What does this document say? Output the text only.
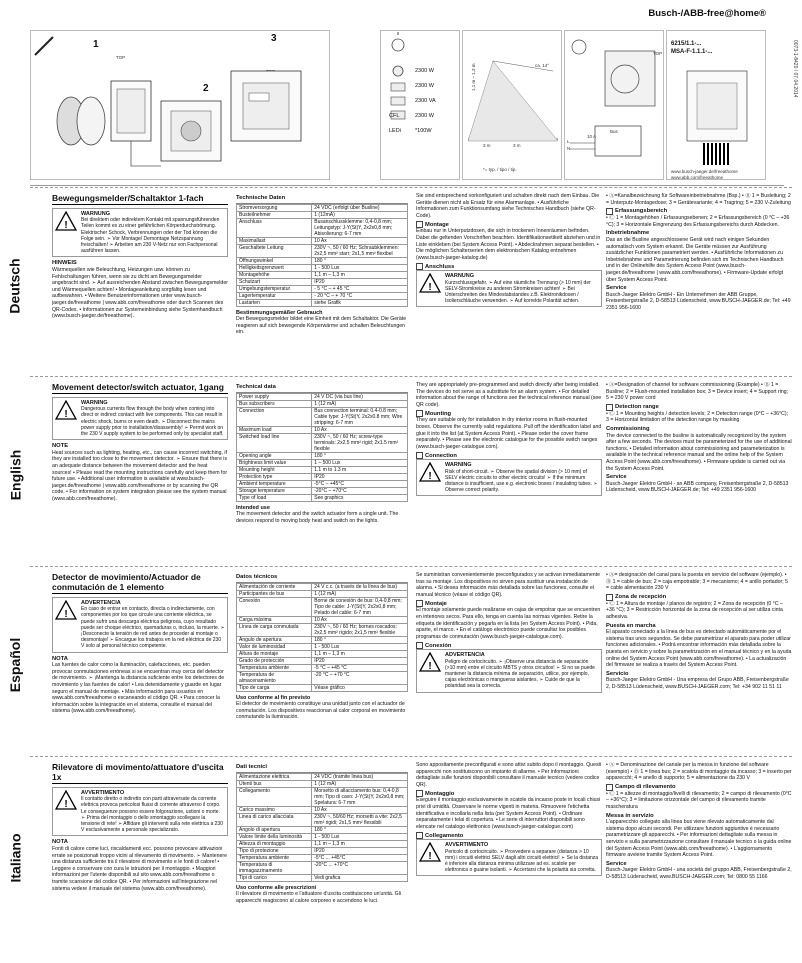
Busch-/ABB-free@home®
0073-1-8420 / 07.04.2014
1
2
3
TOP
2300 W
2300 W
2300 VA
CFL	2300 W
LEDi	*100W
1,1 m – 1,3 m	ca. 14°
3 m	3 m
*= typ. / tipo / tip.
TOP
Bus
10 A
L
N
6215/1.1-...
MSA-F-1.1.1-...
www.busch-jaeger.de/freeathome
www.abb.com/freeathome
Deutsch
Bewegungsmelder/Schaltaktor 1-fach
!
WARNUNG
Bei direktem oder indirektem Kontakt mit spannungsführenden Teilen kommt es zu einer gefährlichen Körperdurchströmung. Elektrischer Schock, Verbrennungen oder der Tod können die Folge sein. ➢ Vor Montage/ Demontage Netzspannung freischalten! ➢ Arbeiten am 230 V-Netz nur von Fachpersonal ausführen lassen.
HINWEIS

Wärmequellen wie Beleuchtung, Heizungen usw. können zu Fehlschaltungen führen, wenn sie zu dicht am Bewegungsmelder angebracht sind. ➢ Auf ausreichenden Abstand zwischen Bewegungsmelder und Wärmequellen achten! • Montageanleitung sorgfältig lesen und aufbewahren. • Weitere Benutzerinformationen unter www.busch-jaeger.de/freeathome | www.abb.com/freeathome oder durch Scannen des QR-Codes. • Informationen zur Systemeinbindung siehe Systemhandbuch (www.busch-jaeger.de/freeathome).

Technische Daten
Stromversorgung	24 VDC (erfolgt über Busline)
Busteilnehmer	1 (12mA)
Anschluss	Busanschlussklemme: 0,4-0,8 mm; Leitungstyp: J-Y(St)Y, 2x2x0,8 mm; Abisolierung: 6-7 mm
Maximallast	10 Ax
Geschaltete Leitung	230V ~, 50 / 60 Hz; Schraubklemmen: 2x2,5 mm² starr; 2x1,5 mm² flexibel
Öffnungswinkel	180 °
Helligkeitsgrenzwert	1 - 500 Lux
Montagehöhe	1,1 m – 1,3 m
Schutzart	IP20
Umgebungstemperatur	- 5 °C – + 45 °C
Lagertemperatur	- 20 °C – + 70 °C
Lastarten	siehe Grafik
Bestimmungsgemäßer Gebrauch

Der Bewegungsmelder bildet eine Einheit mit dem Schaltaktor. Die Geräte reagieren auf sich bewegende Körperwärme und schalten Beleuchtungen ein.

Sie sind entsprechend vorkonfiguriert und schalten direkt nach dem Einbau. Die Geräte dienen nicht als Ersatz für eine Alarmanlage. • Ausführliche Informationen zum Funktionsumfang siehe Technisches Handbuch (siehe QR-Code).

Montage

Einbau nur in Unterputzdosen, die sich in trockenen Innenräumen befinden. Dabei die geltenden Vorschriften beachten. Identifikationsetikett abziehen und in Liste einkleben (bei System Access Point). • Abdeckrahmen separat bestellen. • Die möglichen Schalterserien dem elektronischen Katalog entnehmen (www.busch-jaeger-katalog.de)

Anschluss
!
WARNUNG
Kurzschlussgefahr. ➢ Auf eine räumliche Trennung (> 10 mm) der SELV-Stromkreise zu anderen Stromkreisen achten! ➢ Bei Unterschreiten des Mindestabstandes z.B. Elektronikdosen / Isolierschläuche verwenden. ➢ Auf korrekte Polarität achten.

• Ⓐ=Kanalbezeichnung für Softwareinbetriebnahme (Bsp.) • Ⓑ 1 = Busleitung; 2 = Unterputz-Montagedose; 3 = Gerätevariante; 4 = Tragring; 5 = 230 V-Zuleitung

Erfassungsbereich

• Ⓒ 1 = Montagehöhen / Erfassungsebenen; 2 = Erfassungsbereich (0 °C – +36 °C); 3 = Horizontale Eingrenzung des Erfassungsbereichs durch Abdecken.

Inbetriebnahme

Das an die Busline angeschlossene Gerät wird nach einigen Sekunden automatisch vom System erkannt. Die Geräte müssen zur Ausführung zusätzlicher Funktionen parametriert werden. • Ausführliche Informationen zu Inbetriebnahme und Parametrierung befinden sich im Technischen Handbuch und in der Onlinehilfe des System Access Point (www.busch-jaeger.de/freeathome | www.abb.com/freeathome). • Firmware-Update erfolgt über System Access Point.

Service

Busch-Jaeger Elektro GmbH - Ein Unternehmen der ABB Gruppe, Freisenbergstraße 2, D-58513 Lüdenscheid, www.BUSCH-JAEGER.de; Tel: +49 2351 956-1600

English
Movement detector/switch actuator, 1gang
!
WARNING
Dangerous currents flow through the body when coming into direct or indirect contact with live components. This can result in electric shock, burns or even death. ➢ Disconnect the mains power supply prior to installation/disassembly! ➢ Permit work on the 230 V supply system to be performed only by specialist staff.
NOTE

Heat sources such as lighting, heating, etc., can cause incorrect switching, if they are installed too close to the movement detector. ➢ Ensure that there is an adequate distance between the movement detector and the heat sources! • Please read the mounting instructions carefully and keep them for future use. • Additional user information is available at www.busch-jaeger.de/freeathome | www.abb.com/freeathome or by scanning the QR code. • For information on system integration please see the system manual (www.abb.com/freeathome).

Technical data
Power supply	24 V DC (via bus line)
Bus subscribers	1 (12 mA)
Connection	Bus connection terminal: 0.4-0.8 mm; Cable type: J-Y(St)Y, 2x2x0.8 mm; Wire stripping: 6-7 mm
Maximum load	10 Ax
Switched load line	230V ~, 50 / 60 Hz; screw-type terminals: 2x2.5 mm² rigid; 2x1.5 mm² flexible
Opening angle	180 °
Brightness limit value	1 – 500 Lux
Mounting height	1.1 m to 1.3 m
Protection type	IP20
Ambient temperature	-5°C – +45°C
Storage temperature	-20°C – +70°C
Type of load	See graphics
Intended use

The movement detector and the switch actuator form a single unit. The devices respond to moving body heat and switch on the lights.

They are appropriately pre-programmed and switch directly after being installed. The devices do not serve as a substitute for an alarm system. • For detailed information about the range of functions see the technical reference manual (see QR code).

Mounting

They are suitable only for installation in dry interior rooms in flush-mounted boxes. Observe the currently valid regulations. Pull off the identification label and glue it into the list (at System Access Point). • Please order the cover frame separately. • Please see the electronic catalogue for the possible switch ranges (www.busch-jaeger-catalogue.com).

Connection
!
WARNING
Risk of short-circuit. ➢ Observe the spatial division (> 10 mm) of SELV electric circuits to other electric circuits! ➢ If the minimum distance is insufficient, use e.g. electronic boxes / insulating tubes. ➢ Observe correct polarity.

• Ⓐ=Designation of channel for software commissioning (Example) • Ⓑ 1 = Busline; 2 = Flush-mounted installation box; 3 = Device insert; 4 = Support ring; 5 = 230 V power cord

Detection range

• Ⓒ 1 = Mounting heights / detection levels; 2 = Detection range (0°C – +36°C); 3 = Horizontal limitation of the detection range by masking

Commissioning

The device connected to the busline is automatically recognized by the system after a few seconds. The devices must be parameterized for the use of additional functions. • Detailed information about commissioning and parameterization is available in the technical reference manual and the online help of the System Access Point (www.abb.com/freeathome). • Firmware update is carried out via the System Access Point.

Service

Busch-Jaeger Elektro GmbH - an ABB company, Freisenbergstraße 2, D-58513 Lüdenscheid, www.BUSCH-JAEGER.de; Tel: +49 2351 956-1600

Español
Detector de movimiento/Actuador de conmutación de 1 elemento
!
ADVERTENCIA
En caso de entrar en contacto, directa o indirectamente, con componentes por los que circule una corriente eléctrica, se puede sufrir una descarga eléctrica peligrosa, cuyo resultado puede ser choque eléctrico, quemaduras o, incluso, la muerte. ➢ ¡Desconecte la tensión de red antes de proceder al montaje o desmontaje! ➢ Encargue los trabajos en la red eléctrica de 230 V solo al personal técnico competente.
NOTA

Las fuentes de calor como la iluminación, calefacciones, etc. pueden provocar conmutaciones erróneas si se encuentran muy cerca del detector de movimiento. ➢ ¡Mantenga la distancia suficiente entre los detectores de movimiento y las fuentes de calor! • Lea detenidamente y guarde en lugar seguro el manual de montaje. • Más información para usuarios en www.abb.com/freeathome o escaneando el código QR. • Para conocer la información sobre la integración en el sistema, consulte el manual del sistema (www.abb.com/freeathome).

Datos técnicos
Alimentación de corriente	24 V c.c. (a través de la línea de bus)
Participantes de bus	1 (12 mA)
Conexión	Borne de conexión de bus: 0,4-0,8 mm; Tipo de cable: J-Y(St)Y, 2x2x0,8 mm; Pelado del cable: 6-7 mm
Carga máxima	10 Ax
Línea de carga conmutada	230V ~, 50 / 60 Hz; bornes roscados: 2x2,5 mm² rígido; 2x1,5 mm² flexible
Ángulo de apertura	180 °
Valor de luminosidad	1 - 500 Lux
Altura de montaje	1,1 m – 1,3 m
Grado de protección	IP20
Temperatura ambiente	-5 °C – +45 °C
Temperatura de almacenamiento	-20 °C – +70 °C
Tipo de carga	Véase gráfico
Uso conforme al fin previsto

El detector de movimiento constituye una unidad junto con el actuador de conmutación. Los dispositivos reaccionan al calor corporal en movimiento conmutando la iluminación.

Se suministran convenientemente preconfigurados y se activan inmediatamente tras su montaje. Los dispositivos no sirven para sustituir una instalación de alarma. • Si desea información más detallada sobre las funciones, consulte el manual técnico (véase el código QR).

Montaje

El montaje solamente puede realizarse en cajas de empotrar que se encuentren en interiores secos. Para ello, tenga en cuenta las normas vigentes. Retire la etiqueta de identificación y pegarla en la lista (en System Access Point). • Pida, aparte, el marco. • En el catálogo electrónico puede consultar los posibles programas de conmutación (www.busch-jaeger-catalogue.com).

Conexión
!
ADVERTENCIA
Peligro de cortocircuito. ➢ ¡Observe una distancia de separación (>10 mm) entre el circuito MBTS y otros circuitos! ➢ Si no se puede mantener la distancia mínima de separación, utilice, por ejemplo, cajas electrónicas o mangueras aislantes. ➢ Cuide de que la polaridad sea la correcta.

• Ⓐ= designación del canal para la puesta en servicio del software (ejemplo). • Ⓑ 1 = cable de bus; 2 = caja empotrable; 3 = mecanismo; 4 = anillo portador; 5 = cable alimentación 230 V

Zona de recepción

• Ⓒ 1 = Altura de montaje / planos de registro; 2 = Zona de recepción (0 °C – +36 °C); 3 = Restricción horizontal de la zona de recepción al ser utiliza cinta adhesiva.

Puesta en marcha

El aparato conectado a la línea de bus es detectado automáticamente por el sistema tras unos segundos. Se debe parametrizar el aparato para poder utilizar funciones adicionales. • Podrá encontrar información más detallada sobre la puesta en servicio y sobre la parametrización en el manual técnico y en la ayuda online del System Access Point (www.abb.com/freeathome). • La actualización del firmware se realiza a través del System Access Point.

Servicio

Busch-Jaeger Elektro GmbH - Una empresa del Grupo ABB, Freisenbergstraße 2, D-58513 Lüdenscheid, www.BUSCH-JAEGER.com; Tel: +34 902 11 51 11

Italiano
Rilevatore di movimento/attuatore d'uscita 1x
!
AVVERTIMENTO
Il contatto diretto o indiretto con parti attraversate da corrente elettrica provoca pericolosi flussi di corrente attraverso il corpo. Le conseguenze possono essere folgorazione, ustioni o morte. ➢ Prima del montaggio o dello smontaggio scollegare la tensione di rete! ➢ Affidare gli interventi sulla rete elettrica a 230 V esclusivamente a personale specializzato.
NOTA

Fonti di calore come luci, riscaldamenti ecc. possono provocare attivazioni errate se posizionati troppo vicini al rilevamento di movimento. ➢ Mantenere una distanza sufficiente tra il rilevatore di movimento e le fonti di calore! • Leggere e conservare con cura le istruzioni per il montaggio. • Maggiori informazioni per l'utente disponibili sul sito www.abb.com/freeathome o tramite scansione del codice QR. • Per informazioni sull'integrazione nel sistema vedere il manuale del sistema (www.abb.com/freeathome).

Dati tecnici
Alimentazione elettrica	24 VDC (tramite linea bus)
Utenti bus	1 (12 mA)
Collegamento	Morsetto di allacciamento bus: 0,4-0,8 mm; Tipo di cavo: J-Y(St)Y, 2x2x0,8 mm; Spelatura: 6-7 mm
Carico massimo	10 Ax
Linea di carico allacciata	230V ~, 50/60 Hz; morsetti a vite: 2x2,5 mm² rigidi; 2x1,5 mm² flessibili
Angolo di apertura	180 °
Valore limite della luminosità	1 - 500 Lux
Altezza di montaggio	1,1 m – 1,3 m
Tipo di protezione	IP20
Temperatura ambiente	-5°C ... +45°C
Temperatura di immagazzinamento	-20°C ... +70°C
Tipi di carico	Vedi grafica
Uso conforme alle prescrizioni

Il rilevatore di movimento e l'attuatore d'uscita costituiscono un'unità. Gli apparecchi reagiscono al calore corporeo e accendono le luci.

Sono appositamente preconfigurati e sono attivi subito dopo il montaggio. Questi apparecchi non sostituiscono un impianto di allarme. • Per informazioni dettagliate sulle funzioni disponibili consultare il manuale tecnico (vedere codice QR).

Montaggio

Eseguire il montaggio esclusivamente in scatole da incasso poste in locali chiusi privi di umidità. Osservare le norme vigenti in materia. Rimuovere l'etichetta identificativa e incollarla nella lista (per System Access Point). • Ordinare separatamente i telai di copertura. • Le serie di interruttori disponibili sono elencate nel catalogo elettronico (www.busch-jaeger-catalogue.com)

Collegamento
!
AVVERTIMENTO
Pericolo di cortocircuito. ➢ Provvedere a separare (distanza > 10 mm) i circuiti elettrici SELV dagli altri circuiti elettrici! ➢ Se la distanza è inferiore alla distanza minima utilizzare ad es. scatole per elettronica o guaine isolanti. ➢ Accertarsi che la polarità sia corretta.

• Ⓐ = Denominazione del canale per la messa in funzione del software (esempio) • Ⓑ 1 = linea bus; 2 = scatola di montaggio da incasso; 3 = inserto per apparecchi; 4 = anello di supporto; 5 = alimentazione da 230 V

Campo di rilevamento

• Ⓒ 1 = altezze di montaggio/livelli di rilevamento; 2 = campo di rilevamento (0°C – +36°C); 3 = limitazione orizzontale del campo di rilevamento tramite mascheratura

Messa in servizio

L'apparecchio collegato alla linea bus viene rilevato automaticamente dal sistema dopo alcuni secondi. Per utilizzare funzioni aggiuntive è necessario parametrizzare gli apparecchi. • Per informazioni dettagliate sulla messa in servizio e sulla parametrizzazione consultare il manuale tecnico o la guida online del System Access Point (www.abb.com/freeathome). • L'aggiornamento firmware avviene tramite System Access Point.

Service

Busch-Jaeger Elektro GmbH - una società del gruppo ABB, Freisenbergstraße 2, D-58513 Lüdenscheid, www.BUSCH-JAEGER.com; Tel: 0800 55 1166
